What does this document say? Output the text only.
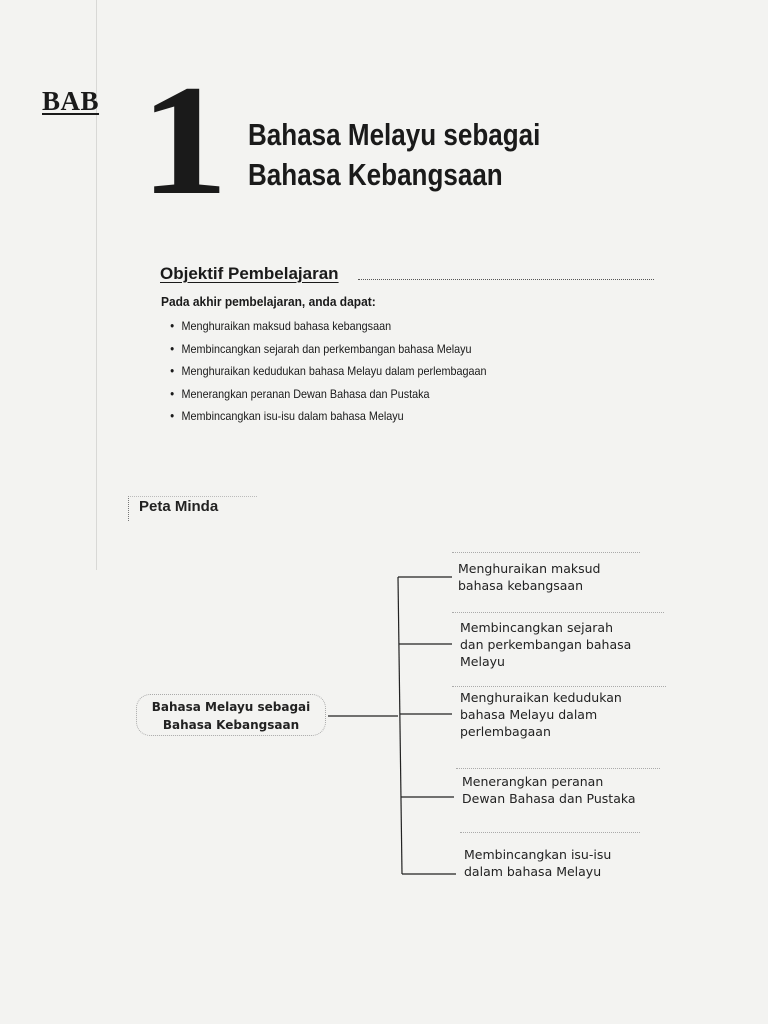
BAB 1 Bahasa Melayu sebagai
Bahasa Kebangsaan
Objektif Pembelajaran
Pada akhir pembelajaran, anda dapat:
● Menghuraikan maksud bahasa kebangsaan
● Membincangkan sejarah dan perkembangan bahasa Melayu
● Menghuraikan kedudukan bahasa Melayu dalam perlembagaan
● Menerangkan peranan Dewan Bahasa dan Pustaka
● Membincangkan isu-isu dalam bahasa Melayu
Peta Minda
Bahasa Melayu sebagai
Bahasa Kebangsaan
Menghuraikan maksud
bahasa kebangsaan
Membincangkan sejarah
dan perkembangan bahasa
Melayu
Menghuraikan kedudukan
bahasa Melayu dalam
perlembagaan
Menerangkan peranan
Dewan Bahasa dan Pustaka
Membincangkan isu-isu
dalam bahasa Melayu
